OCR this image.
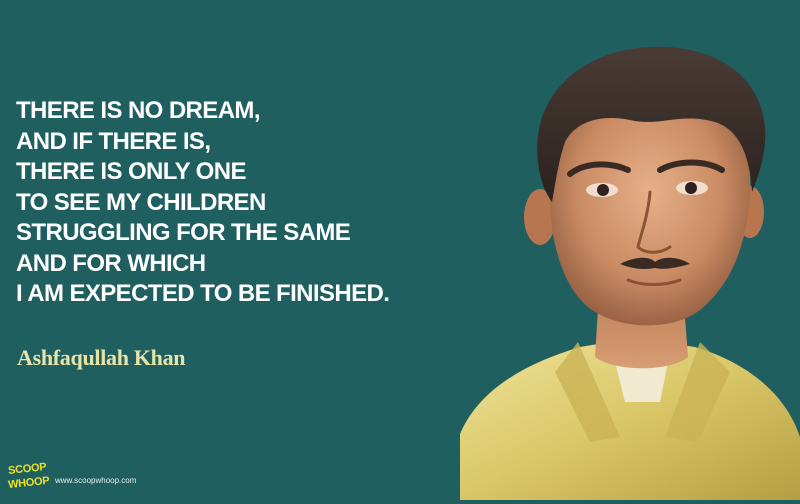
THERE IS NO DREAM,
AND IF THERE IS,
THERE IS ONLY ONE
TO SEE MY CHILDREN
STRUGGLING FOR THE SAME
AND FOR WHICH
I AM EXPECTED TO BE FINISHED.
Ashfaqullah Khan
SCOOP
WHOOP www.scoopwhoop.com
